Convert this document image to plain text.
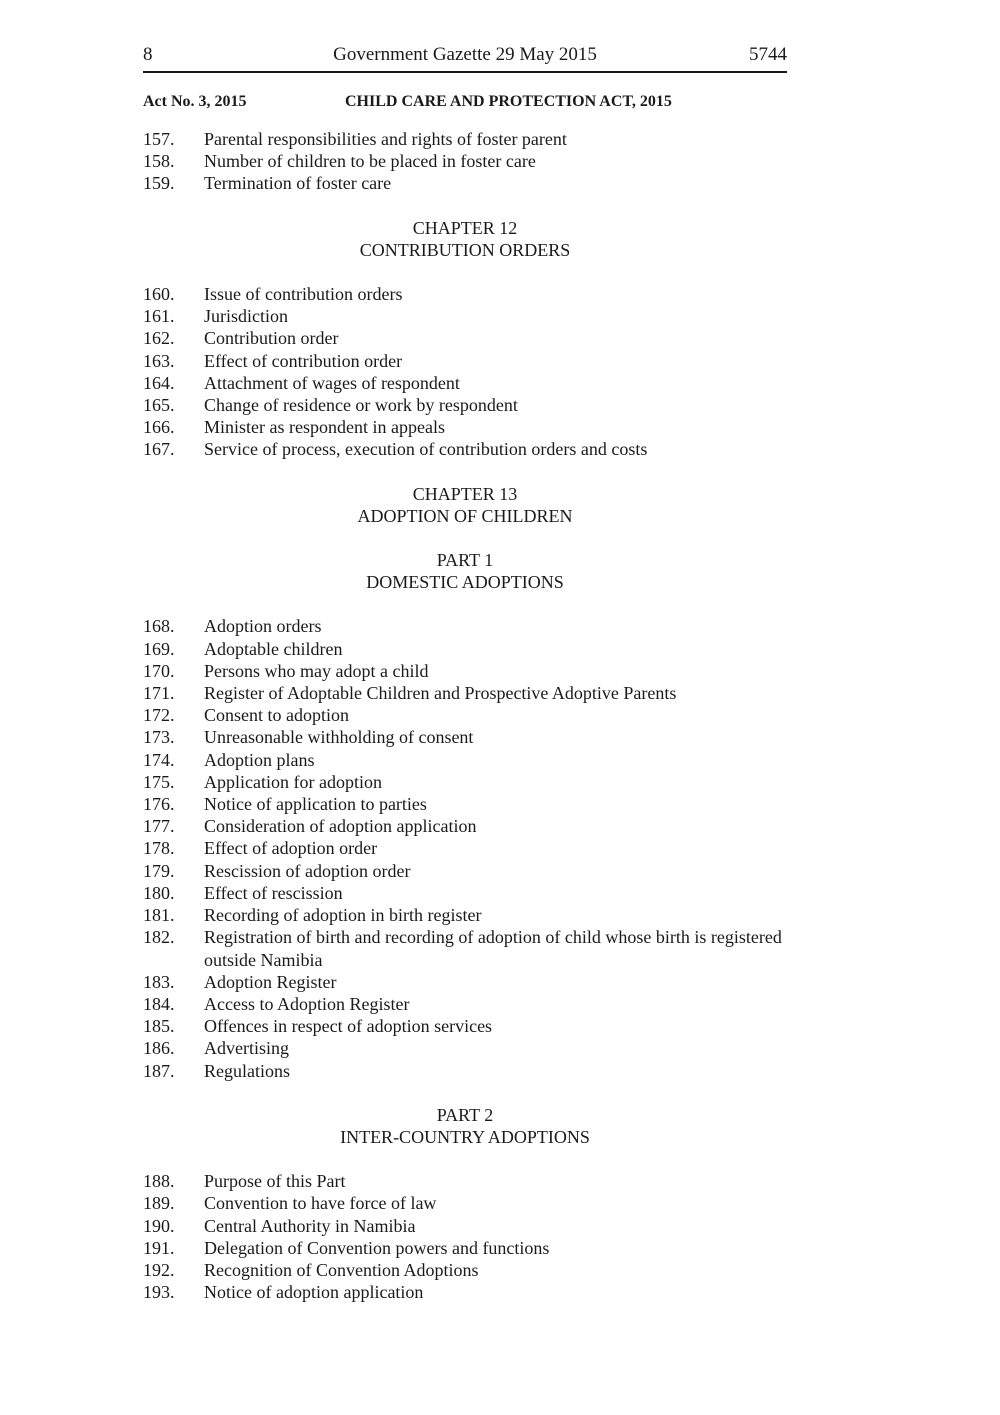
8	Government Gazette 29 May 2015	5744
Act No. 3, 2015	CHILD CARE AND PROTECTION ACT, 2015
157. Parental responsibilities and rights of foster parent
158. Number of children to be placed in foster care
159. Termination of foster care
CHAPTER 12
CONTRIBUTION ORDERS
160. Issue of contribution orders
161. Jurisdiction
162. Contribution order
163. Effect of contribution order
164. Attachment of wages of respondent
165. Change of residence or work by respondent
166. Minister as respondent in appeals
167. Service of process, execution of contribution orders and costs
CHAPTER 13
ADOPTION OF CHILDREN
PART 1
DOMESTIC ADOPTIONS
168. Adoption orders
169. Adoptable children
170. Persons who may adopt a child
171. Register of Adoptable Children and Prospective Adoptive Parents
172. Consent to adoption
173. Unreasonable withholding of consent
174. Adoption plans
175. Application for adoption
176. Notice of application to parties
177. Consideration of adoption application
178. Effect of adoption order
179. Rescission of adoption order
180. Effect of rescission
181. Recording of adoption in birth register
182. Registration of birth and recording of adoption of child whose birth is registered outside Namibia
183. Adoption Register
184. Access to Adoption Register
185. Offences in respect of adoption services
186. Advertising
187. Regulations
PART 2
INTER-COUNTRY ADOPTIONS
188. Purpose of this Part
189. Convention to have force of law
190. Central Authority in Namibia
191. Delegation of Convention powers and functions
192. Recognition of Convention Adoptions
193. Notice of adoption application
